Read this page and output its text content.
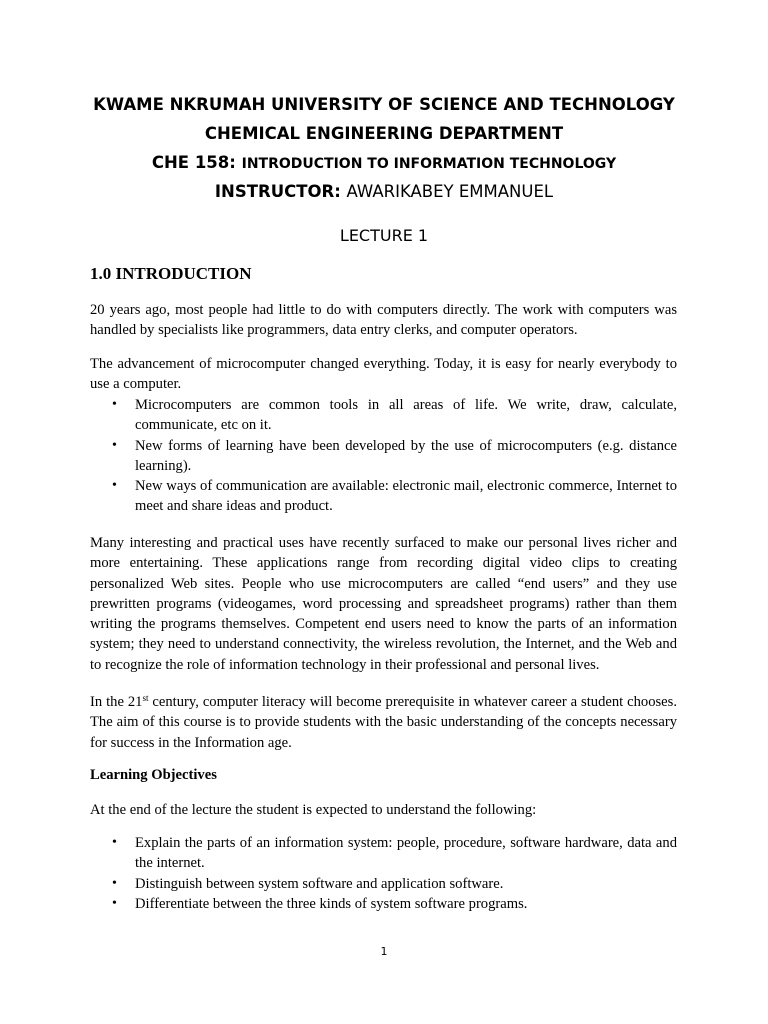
KWAME NKRUMAH UNIVERSITY OF SCIENCE AND TECHNOLOGY
CHEMICAL ENGINEERING DEPARTMENT
CHE 158: INTRODUCTION TO INFORMATION TECHNOLOGY
INSTRUCTOR: AWARIKABEY EMMANUEL
LECTURE 1
1.0 INTRODUCTION

20 years ago, most people had little to do with computers directly. The work with computers was handled by specialists like programmers, data entry clerks, and computer operators.

The advancement of microcomputer changed everything. Today, it is easy for nearly everybody to use a computer.

• Microcomputers are common tools in all areas of life. We write, draw, calculate, communicate, etc on it.
• New forms of learning have been developed by the use of microcomputers (e.g. distance learning).
• New ways of communication are available: electronic mail, electronic commerce, Internet to meet and share ideas and product.

Many interesting and practical uses have recently surfaced to make our personal lives richer and more entertaining. These applications range from recording digital video clips to creating personalized Web sites. People who use microcomputers are called “end users” and they use prewritten programs (videogames, word processing and spreadsheet programs) rather than them writing the programs themselves. Competent end users need to know the parts of an information system; they need to understand connectivity, the wireless revolution, the Internet, and the Web and to recognize the role of information technology in their professional and personal lives.

In the 21st century, computer literacy will become prerequisite in whatever career a student chooses. The aim of this course is to provide students with the basic understanding of the concepts necessary for success in the Information age.

Learning Objectives

At the end of the lecture the student is expected to understand the following:

• Explain the parts of an information system: people, procedure, software hardware, data and the internet.
• Distinguish between system software and application software.
• Differentiate between the three kinds of system software programs.
1
